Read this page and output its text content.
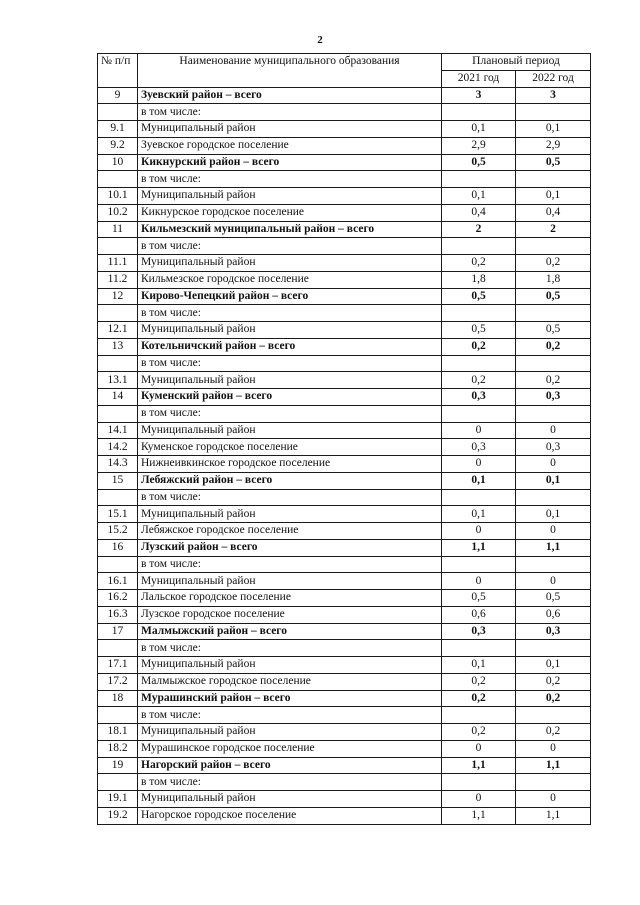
2
№ п/п	Наименование муниципального образования	Плановый период	
		2021 год	2022 год
9	Зуевский район – всего	3	3
	в том числе:		
9.1	Муниципальный район	0,1	0,1
9.2	Зуевское городское поселение	2,9	2,9
10	Кикнурский район – всего	0,5	0,5
	в том числе:		
10.1	Муниципальный район	0,1	0,1
10.2	Кикнурское городское поселение	0,4	0,4
11	Кильмезский муниципальный район – всего	2	2
	в том числе:		
11.1	Муниципальный район	0,2	0,2
11.2	Кильмезское городское поселение	1,8	1,8
12	Кирово-Чепецкий район – всего	0,5	0,5
	в том числе:		
12.1	Муниципальный район	0,5	0,5
13	Котельничский район – всего	0,2	0,2
	в том числе:		
13.1	Муниципальный район	0,2	0,2
14	Куменский район – всего	0,3	0,3
	в том числе:		
14.1	Муниципальный район	0	0
14.2	Куменское городское поселение	0,3	0,3
14.3	Нижнеивкинское городское поселение	0	0
15	Лебяжский район – всего	0,1	0,1
	в том числе:		
15.1	Муниципальный район	0,1	0,1
15.2	Лебяжское городское поселение	0	0
16	Лузский район – всего	1,1	1,1
	в том числе:		
16.1	Муниципальный район	0	0
16.2	Лальское городское поселение	0,5	0,5
16.3	Лузское городское поселение	0,6	0,6
17	Малмыжский район – всего	0,3	0,3
	в том числе:		
17.1	Муниципальный район	0,1	0,1
17.2	Малмыжское городское поселение	0,2	0,2
18	Мурашинский район – всего	0,2	0,2
	в том числе:		
18.1	Муниципальный район	0,2	0,2
18.2	Мурашинское городское поселение	0	0
19	Нагорский район – всего	1,1	1,1
	в том числе:		
19.1	Муниципальный район	0	0
19.2	Нагорское городское поселение	1,1	1,1
